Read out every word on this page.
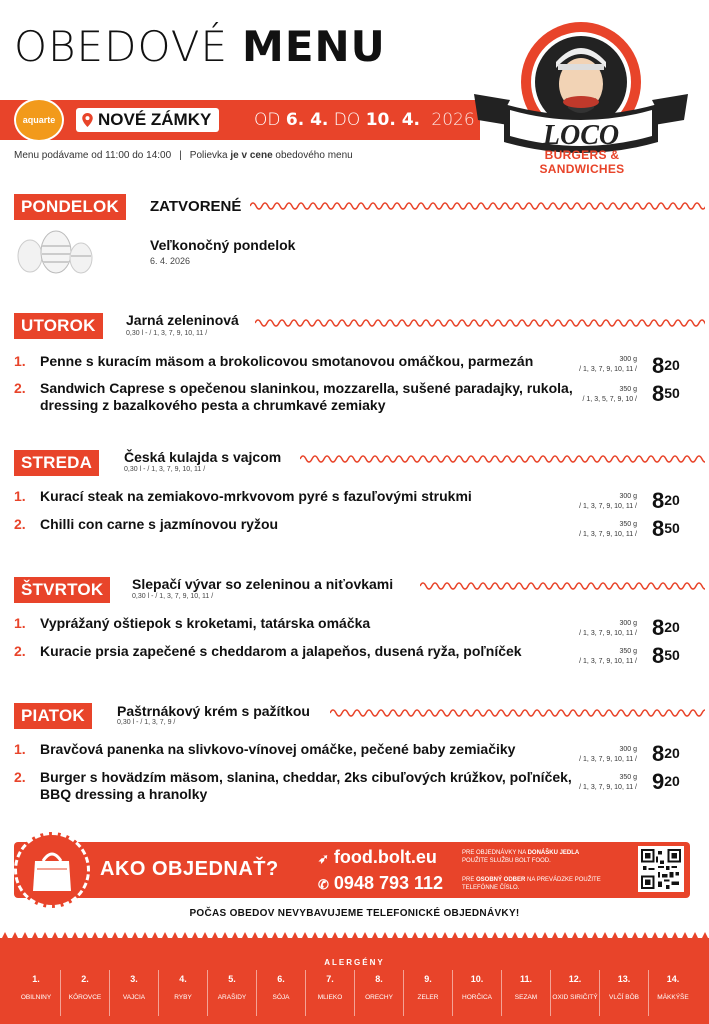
OBEDOVÉ MENU
aquarte	NOVÉ ZÁMKY	OD 6. 4. DO 10. 4. 2026
Menu podávame od 11:00 do 14:00 | Polievka je v cene obedového menu
LOCO
BURGERS & SANDWICHES
PONDELOK	ZATVORENÉ
Veľkonočný pondelok
6. 4. 2026
UTOROK	Jarná zeleninová
0,30 l - / 1, 3, 7, 9, 10, 11 /
1. Penne s kuracím mäsom a brokolicovou smotanovou omáčkou, parmezán	300 g
/ 1, 3, 7, 9, 10, $11 / 8^{20}$
2. Sandwich Caprese s opečenou slaninkou, mozzarella, sušené paradajky, rukola, dressing z bazalkového pesta a chrumkavé zemiaky
350 g
/ 1, 3, 5, 7, 9, $10 / 8^{50}$
STREDA	Česká kulajda s vajcom
0,30 l - / 1, 3, 7, 9, 10, 11 /
1. Kurací steak na zemiakovo-mrkvovom pyré s fazuľovými strukmi	300 g
/ 1, 3, 7, 9, 10, $11 / 8^{20}$
2. Chilli con carne s jazmínovou ryžou	350 g
/ 1, 3, 7, 9, 10, $11 / 8^{50}$
ŠTVRTOK	Slepačí vývar so zeleninou a niťovkami
0,30 l - / 1, 3, 7, 9, 10, 11 /
1. Vyprážaný oštiepok s kroketami, tatárska omáčka	300 g
/ 1, 3, 7, 9, 10, $11 / 8^{20}$
2. Kuracie prsia zapečené s cheddarom a jalapeňos, dusená ryža, poľníček	350 g
/ 1, 3, 7, 9, 10, $11 / 8^{50}$
PIATOK	Paštrnákový krém s pažítkou
0,30 l - / 1, 3, 7, 9 /
1. Bravčová panenka na slivkovo-vínovej omáčke, pečené baby zemiačiky	300 g
/ 1, 3, 7, 9, 10, $11 / 8^{20}$
2. Burger s hovädzím mäsom, slanina, cheddar, 2ks cibuľových krúžkov, poľníček, BBQ dressing a hranolky
350 g
/ 1, 3, 7, 9, 10, $11 / 9^{20}$
AKO OBJEDNAŤ?	➶ food.bolt.eu
✆ 0948 793 112
PRE OBJEDNÁVKY NA DONÁŠKU JEDLA
POUŽITE SLUŽBU BOLT FOOD.
PRE OSOBNÝ ODBER NA PREVÁDZKE POUŽITE TELEFÓNNE ČÍSLO.
POČAS OBEDOV NEVYBAVUJEME TELEFONICKÉ OBJEDNÁVKY!
ALERGÉNY
1.
OBILNINY
2.
KÔROVCE
3.
VAJCIA
4.
RYBY
5.
ARAŠIDY
6.
SÓJA
7.
MLIEKO
8.
ORECHY
9.
ZELER
10.
HORČICA
11.
SEZAM
12.
OXID SIRIČITÝ
13.
VLČÍ BÔB
14.
MÄKKÝŠE
